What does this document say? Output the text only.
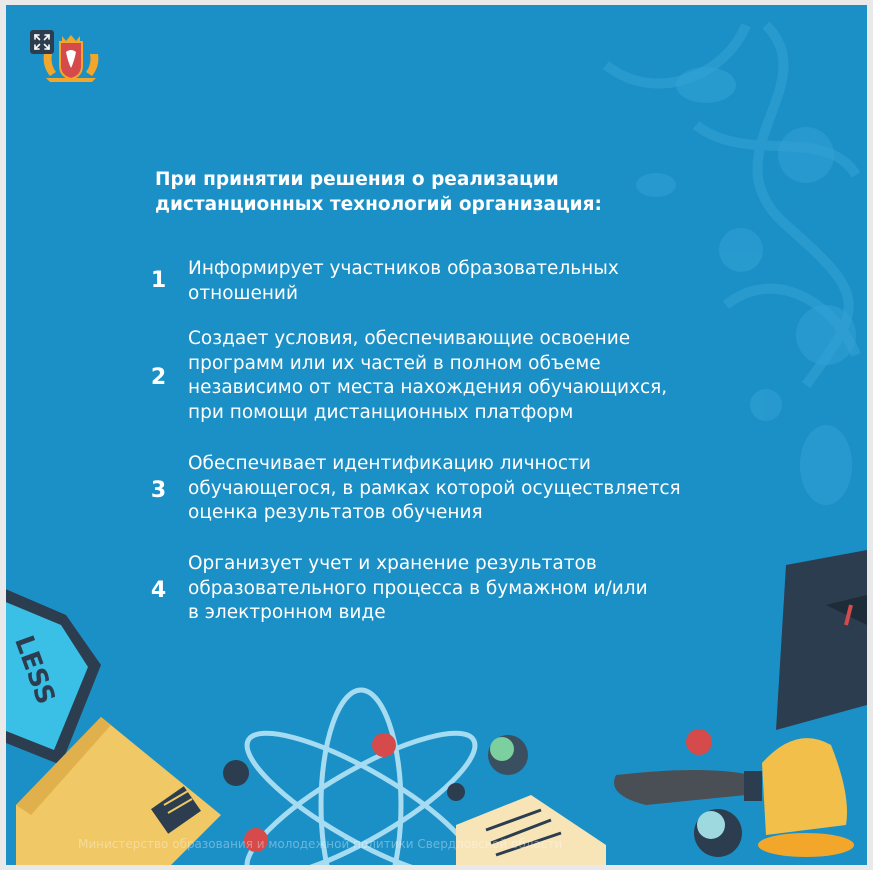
LESS

При принятии решения о реализации
дистанционных технологий организация:

1	Информирует участников образовательных
отношений
2
Создает условия, обеспечивающие освоение
программ или их частей в полном объеме
независимо от места нахождения обучающихся,
при помощи дистанционных платформ
3
Обеспечивает идентификацию личности
обучающегося, в рамках которой осуществляется
оценка результатов обучения
4
Организует учет и хранение результатов
образовательного процесса в бумажном и/или
в электронном виде
Министерство образования и молодежной политики Свердловской области
